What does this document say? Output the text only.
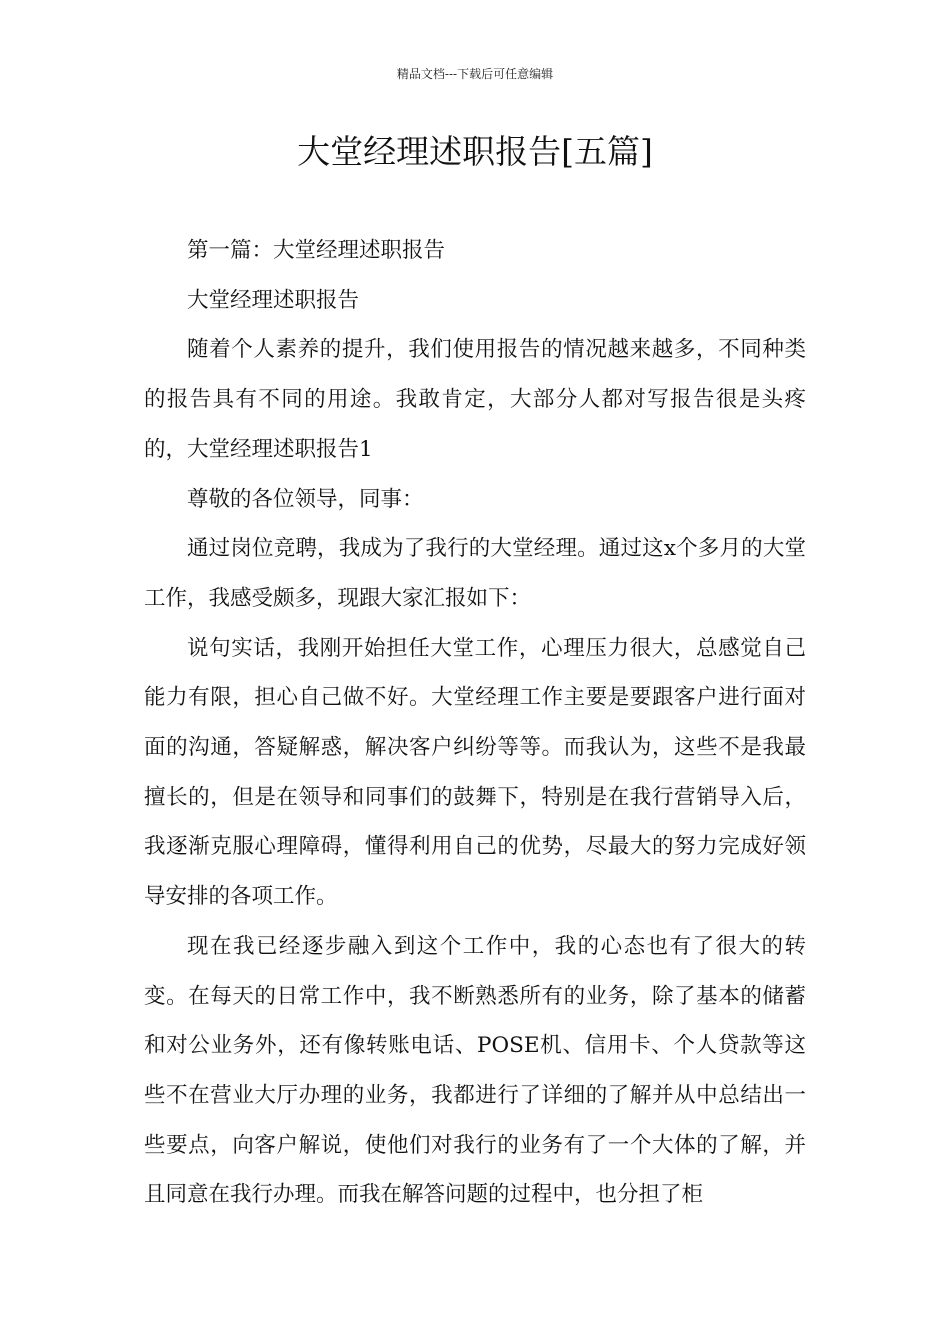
精品文档---下载后可任意编辑
大堂经理述职报告[五篇]

第一篇：大堂经理述职报告

大堂经理述职报告

随着个人素养的提升，我们使用报告的情况越来越多，不同种类的报告具有不同的用途。我敢肯定，大部分人都对写报告很是头疼的，大堂经理述职报告1

尊敬的各位领导，同事：

通过岗位竞聘，我成为了我行的大堂经理。通过这x个多月的大堂工作，我感受颇多，现跟大家汇报如下：

说句实话，我刚开始担任大堂工作，心理压力很大，总感觉自己能力有限，担心自己做不好。大堂经理工作主要是要跟客户进行面对面的沟通，答疑解惑，解决客户纠纷等等。而我认为，这些不是我最擅长的，但是在领导和同事们的鼓舞下，特别是在我行营销导入后，我逐渐克服心理障碍，懂得利用自己的优势，尽最大的努力完成好领导安排的各项工作。

现在我已经逐步融入到这个工作中，我的心态也有了很大的转变。在每天的日常工作中，我不断熟悉所有的业务，除了基本的储蓄和对公业务外，还有像转账电话、POSE机、信用卡、个人贷款等这些不在营业大厅办理的业务，我都进行了详细的了解并从中总结出一些要点，向客户解说，使他们对我行的业务有了一个大体的了解，并且同意在我行办理。而我在解答问题的过程中，也分担了柜
